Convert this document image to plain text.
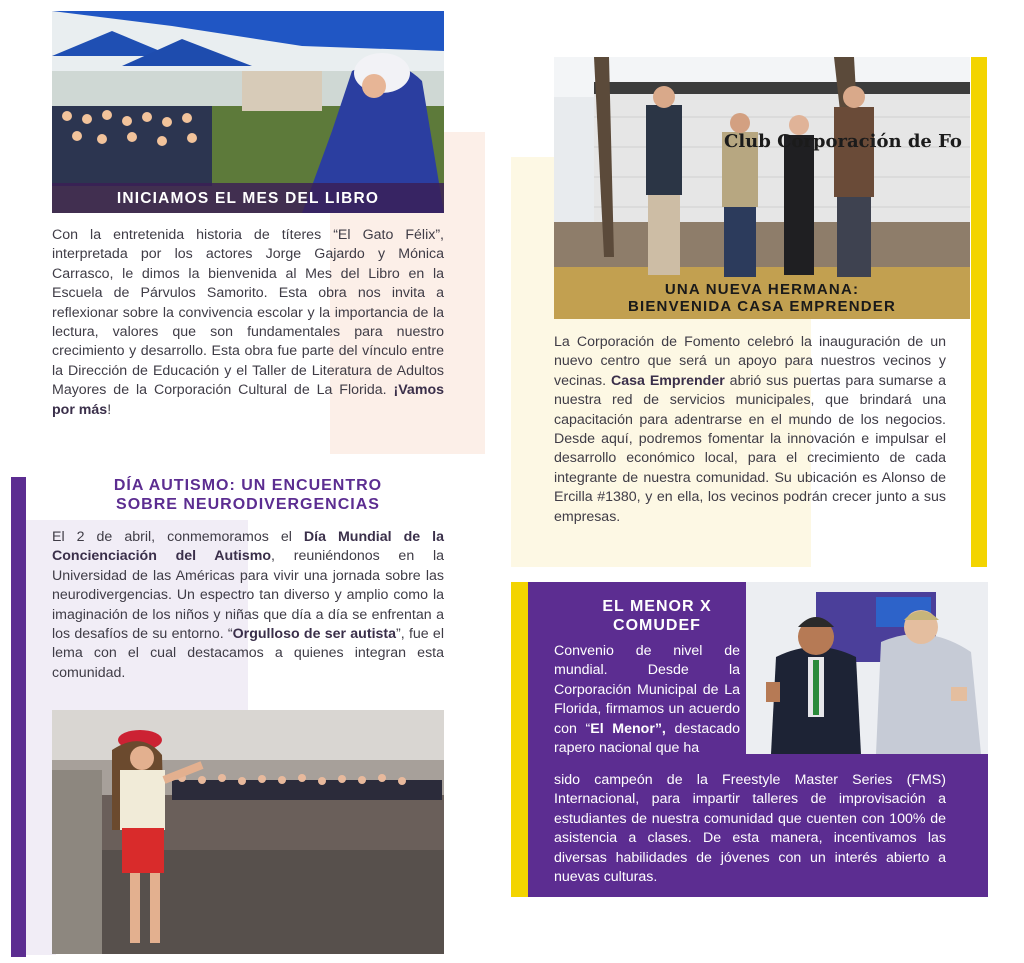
INICIAMOS EL MES DEL LIBRO
Con la entretenida historia de títeres “El Gato Félix”, interpretada por los actores Jorge Gajardo y Mónica Carrasco, le dimos la bienvenida al Mes del Libro en la Escuela de Párvulos Samorito. Esta obra nos invita a reflexionar sobre la convivencia escolar y la importancia de la lectura, valores que son fundamentales para nuestro crecimiento y desarrollo. Esta obra fue parte del vínculo entre la Dirección de Educación y el Taller de Literatura de Adultos Mayores de la Corporación Cultural de La Florida. ¡Vamos por más!
DÍA AUTISMO: UN ENCUENTRO
SOBRE NEURODIVERGENCIAS
El 2 de abril, conmemoramos el Día Mundial de la Concienciación del Autismo, reuniéndonos en la Universidad de las Américas para vivir una jornada sobre las neurodivergencias. Un espectro tan diverso y amplio como la imaginación de los niños y niñas que día a día se enfrentan a los desafíos de su entorno. “Orgulloso de ser autista”, fue el lema con el cual destacamos a quienes integran esta comunidad.
Club Corporación de Fo
UNA NUEVA HERMANA:
BIENVENIDA CASA EMPRENDER
La Corporación de Fomento celebró la inauguración de un nuevo centro que será un apoyo para nuestros vecinos y vecinas. Casa Emprender abrió sus puertas para sumarse a nuestra red de servicios municipales, que brindará una capacitación para adentrarse en el mundo de los negocios. Desde aquí, podremos fomentar la innovación e impulsar el desarrollo económico local, para el crecimiento de cada integrante de nuestra comunidad. Su ubicación es Alonso de Ercilla #1380, y en ella, los vecinos podrán crecer junto a sus empresas.
EL MENOR X
COMUDEF
Convenio de nivel de mundial. Desde la Corporación Municipal de La Florida, firmamos un acuerdo con “El Menor”, destacado rapero nacional que ha
sido campeón de la Freestyle Master Series (FMS) Internacional, para impartir talleres de improvisación a estudiantes de nuestra comunidad que cuenten con 100% de asistencia a clases. De esta manera, incentivamos las diversas habilidades de jóvenes con un interés abierto a nuevas culturas.
